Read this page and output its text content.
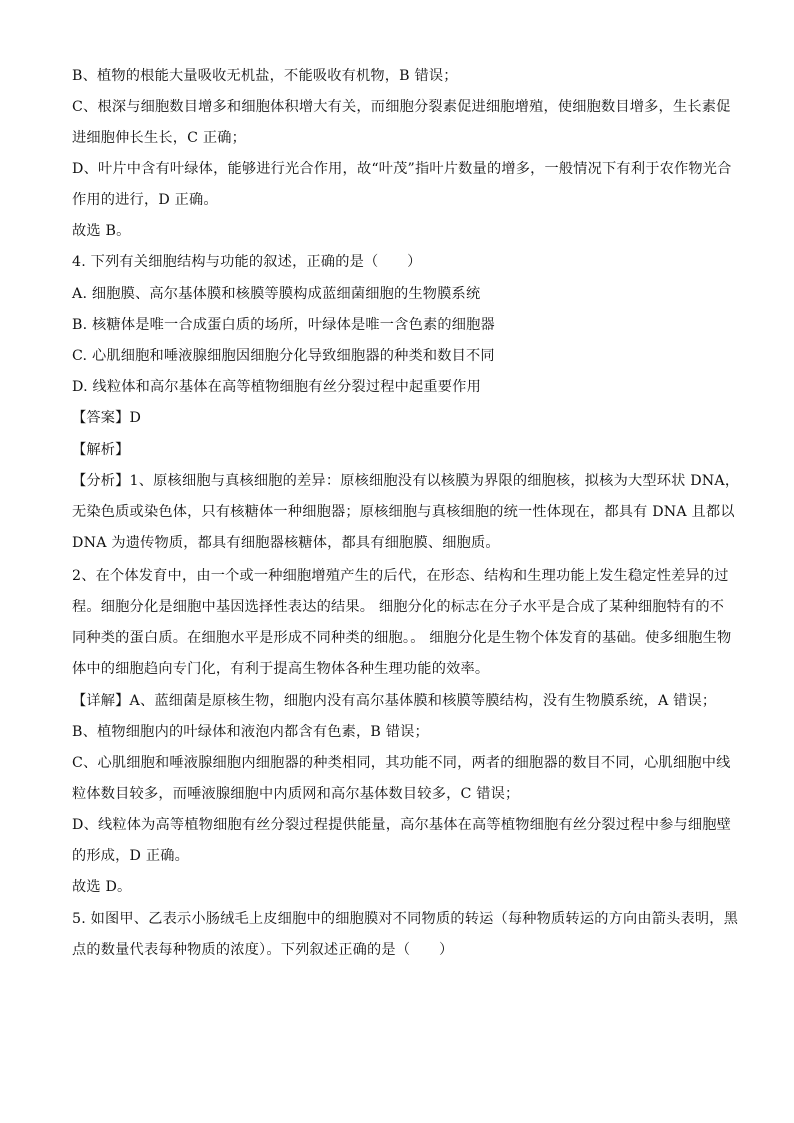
B、植物的根能大量吸收无机盐，不能吸收有机物，B 错误；
C、根深与细胞数目增多和细胞体积增大有关，而细胞分裂素促进细胞增殖，使细胞数目增多，生长素促
进细胞伸长生长，C 正确；
D、叶片中含有叶绿体，能够进行光合作用，故“叶茂”指叶片数量的增多，一般情况下有利于农作物光合
作用的进行，D 正确。
故选 B。
4. 下列有关细胞结构与功能的叙述，正确的是（　　）
A. 细胞膜、高尔基体膜和核膜等膜构成蓝细菌细胞的生物膜系统
B. 核糖体是唯一合成蛋白质的场所，叶绿体是唯一含色素的细胞器
C. 心肌细胞和唾液腺细胞因细胞分化导致细胞器的种类和数目不同
D. 线粒体和高尔基体在高等植物细胞有丝分裂过程中起重要作用
【答案】D
【解析】
【分析】1、原核细胞与真核细胞的差异：原核细胞没有以核膜为界限的细胞核，拟核为大型环状 DNA，
无染色质或染色体，只有核糖体一种细胞器；原核细胞与真核细胞的统一性体现在，都具有 DNA 且都以
DNA 为遗传物质，都具有细胞器核糖体，都具有细胞膜、细胞质。
2、在个体发育中，由一个或一种细胞增殖产生的后代，在形态、结构和生理功能上发生稳定性差异的过
程。细胞分化是细胞中基因选择性表达的结果。 细胞分化的标志在分子水平是合成了某种细胞特有的不
同种类的蛋白质。在细胞水平是形成不同种类的细胞。。 细胞分化是生物个体发育的基础。使多细胞生物
体中的细胞趋向专门化，有利于提高生物体各种生理功能的效率。
【详解】A、蓝细菌是原核生物，细胞内没有高尔基体膜和核膜等膜结构，没有生物膜系统，A 错误；
B、植物细胞内的叶绿体和液泡内都含有色素，B 错误；
C、心肌细胞和唾液腺细胞内细胞器的种类相同，其功能不同，两者的细胞器的数目不同，心肌细胞中线
粒体数目较多，而唾液腺细胞中内质网和高尔基体数目较多，C 错误；
D、线粒体为高等植物细胞有丝分裂过程提供能量，高尔基体在高等植物细胞有丝分裂过程中参与细胞壁
的形成，D 正确。
故选 D。
5. 如图甲、乙表示小肠绒毛上皮细胞中的细胞膜对不同物质的转运（每种物质转运的方向由箭头表明，黑
点的数量代表每种物质的浓度）。下列叙述正确的是（　　）
